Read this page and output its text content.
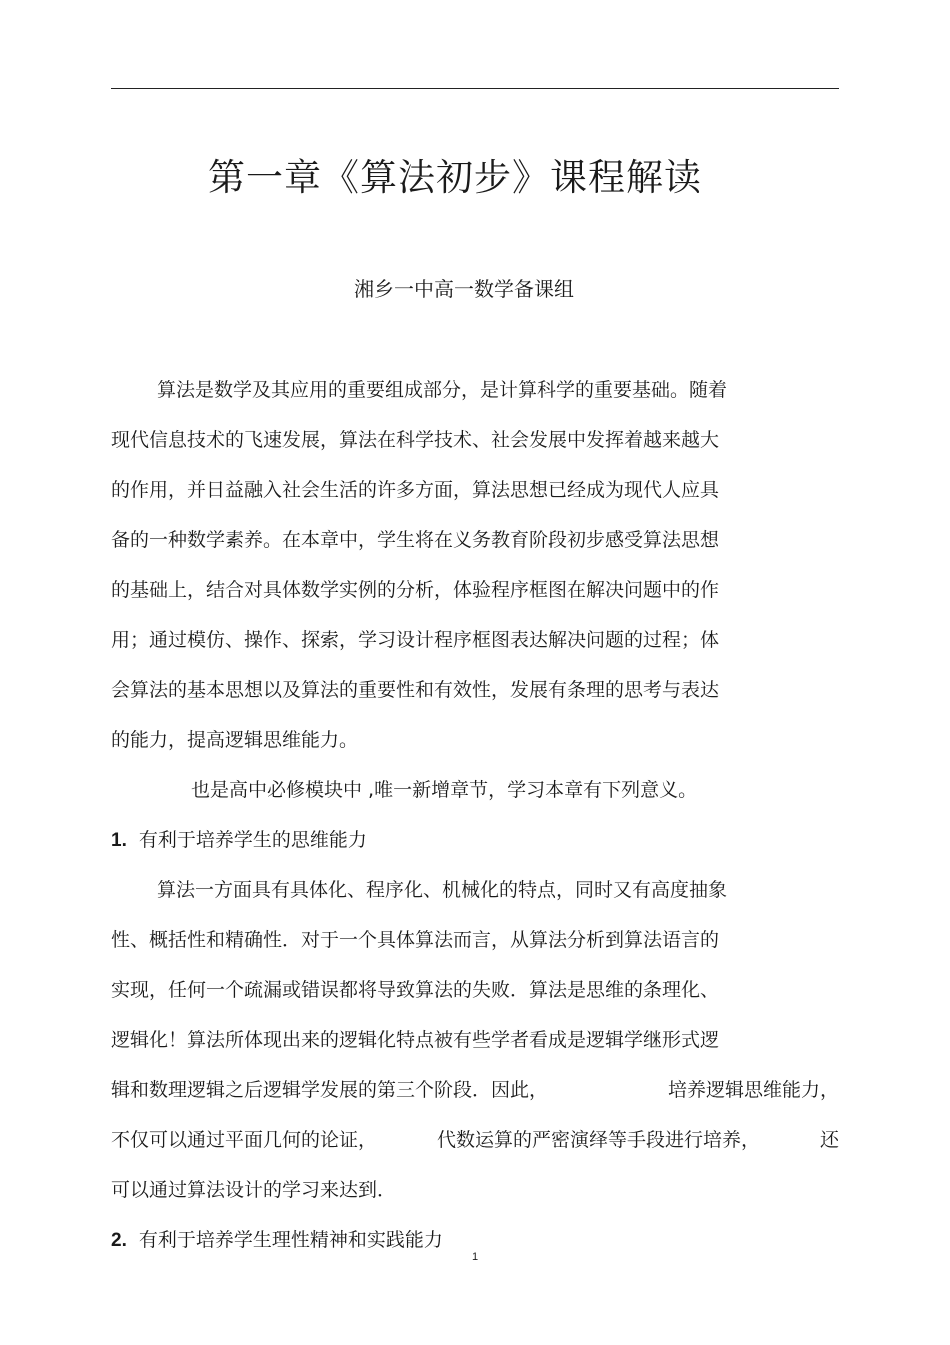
第一章《算法初步》课程解读
湘乡一中高一数学备课组
算法是数学及其应用的重要组成部分，是计算科学的重要基础。随着
现代信息技术的飞速发展，算法在科学技术、社会发展中发挥着越来越大
的作用，并日益融入社会生活的许多方面，算法思想已经成为现代人应具
备的一种数学素养。在本章中，学生将在义务教育阶段初步感受算法思想
的基础上，结合对具体数学实例的分析，体验程序框图在解决问题中的作
用；通过模仿、操作、探索，学习设计程序框图表达解决问题的过程；体
会算法的基本思想以及算法的重要性和有效性，发展有条理的思考与表达
的能力，提高逻辑思维能力。
也是高中必修模块中 ,唯一新增章节，学习本章有下列意义。
1. 有利于培养学生的思维能力
算法一方面具有具体化、程序化、机械化的特点，同时又有高度抽象
性、概括性和精确性．对于一个具体算法而言，从算法分析到算法语言的
实现，任何一个疏漏或错误都将导致算法的失败．算法是思维的条理化、
逻辑化！算法所体现出来的逻辑化特点被有些学者看成是逻辑学继形式逻
辑和数理逻辑之后逻辑学发展的第三个阶段．因此，	培养逻辑思维能力，
不仅可以通过平面几何的论证，	代数运算的严密演绎等手段进行培养，	还
可以通过算法设计的学习来达到．
2. 有利于培养学生理性精神和实践能力
1
